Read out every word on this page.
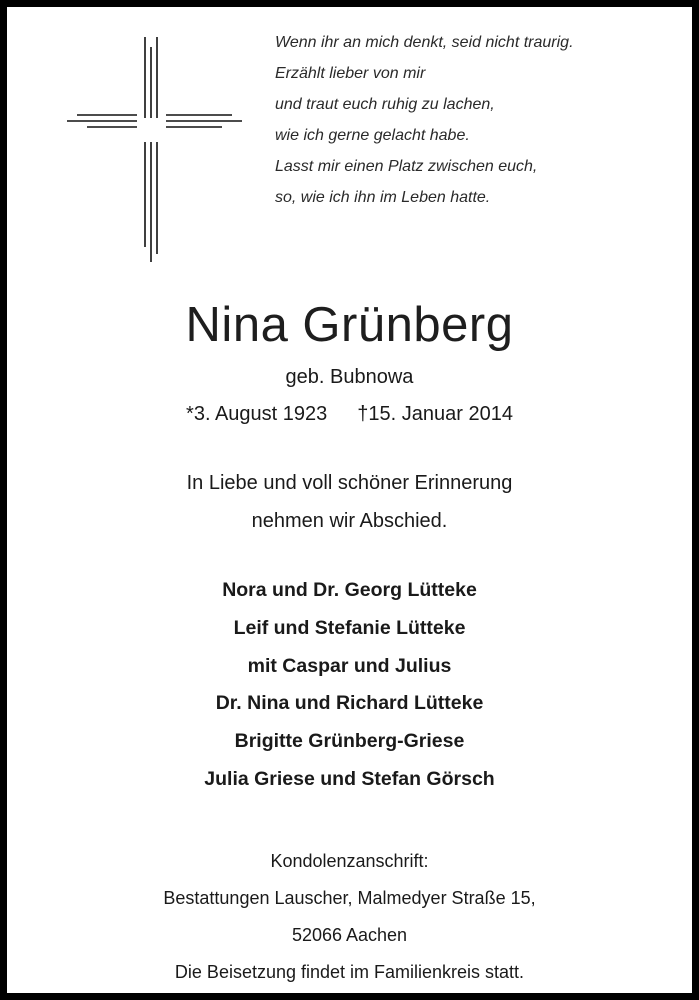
Wenn ihr an mich denkt, seid nicht traurig.
Erzählt lieber von mir
und traut euch ruhig zu lachen,
wie ich gerne gelacht habe.
Lasst mir einen Platz zwischen euch,
so, wie ich ihn im Leben hatte.
Nina Grünberg
geb. Bubnowa
*3. August 1923 †15. Januar 2014
In Liebe und voll schöner Erinnerung
nehmen wir Abschied.
Nora und Dr. Georg Lütteke
Leif und Stefanie Lütteke
mit Caspar und Julius
Dr. Nina und Richard Lütteke
Brigitte Grünberg-Griese
Julia Griese und Stefan Görsch
Kondolenzanschrift:
Bestattungen Lauscher, Malmedyer Straße 15,
52066 Aachen
Die Beisetzung findet im Familienkreis statt.
